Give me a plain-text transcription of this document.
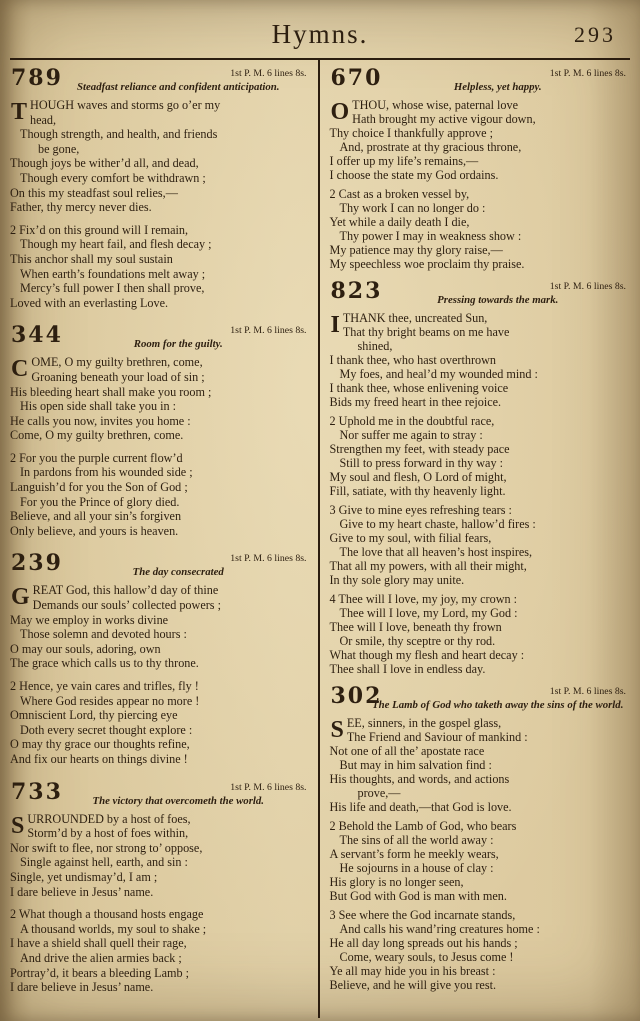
Hymns.	293
789	1st P. M. 6 lines 8s.
Steadfast reliance and confident anticipation.
T HOUGH waves and storms go o’er my
head,
Though strength, and health, and friends
be gone,
Though joys be wither’d all, and dead,
Though every comfort be withdrawn ;
On this my steadfast soul relies,—
Father, thy mercy never dies.
2 Fix’d on this ground will I remain,
Though my heart fail, and flesh decay ;
This anchor shall my soul sustain
When earth’s foundations melt away ;
Mercy’s full power I then shall prove,
Loved with an everlasting Love.
344	1st P. M. 6 lines 8s.
Room for the guilty.
C OME, O my guilty brethren, come,
Groaning beneath your load of sin ;
His bleeding heart shall make you room ;
His open side shall take you in :
He calls you now, invites you home :
Come, O my guilty brethren, come.
2 For you the purple current flow’d
In pardons from his wounded side ;
Languish’d for you the Son of God ;
For you the Prince of glory died.
Believe, and all your sin’s forgiven
Only believe, and yours is heaven.
239	1st P. M. 6 lines 8s.
The day consecrated
G REAT God, this hallow’d day of thine
Demands our souls’ collected powers ;
May we employ in works divine
Those solemn and devoted hours :
O may our souls, adoring, own
The grace which calls us to thy throne.
2 Hence, ye vain cares and trifles, fly !
Where God resides appear no more !
Omniscient Lord, thy piercing eye
Doth every secret thought explore :
O may thy grace our thoughts refine,
And fix our hearts on things divine !
733	1st P. M. 6 lines 8s.
The victory that overcometh the world.
S URROUNDED by a host of foes,
Storm’d by a host of foes within,
Nor swift to flee, nor strong to’ oppose,
Single against hell, earth, and sin :
Single, yet undismay’d, I am ;
I dare believe in Jesus’ name.
2 What though a thousand hosts engage
A thousand worlds, my soul to shake ;
I have a shield shall quell their rage,
And drive the alien armies back ;
Portray’d, it bears a bleeding Lamb ;
I dare believe in Jesus’ name.
670	1st P. M. 6 lines 8s.
Helpless, yet happy.
O THOU, whose wise, paternal love
Hath brought my active vigour down,
Thy choice I thankfully approve ;
And, prostrate at thy gracious throne,
I offer up my life’s remains,—
I choose the state my God ordains.
2 Cast as a broken vessel by,
Thy work I can no longer do :
Yet while a daily death I die,
Thy power I may in weakness show :
My patience may thy glory raise,—
My speechless woe proclaim thy praise.
823	1st P. M. 6 lines 8s.
Pressing towards the mark.
I THANK thee, uncreated Sun,
That thy bright beams on me have
shined,
I thank thee, who hast overthrown
My foes, and heal’d my wounded mind :
I thank thee, whose enlivening voice
Bids my freed heart in thee rejoice.
2 Uphold me in the doubtful race,
Nor suffer me again to stray :
Strengthen my feet, with steady pace
Still to press forward in thy way :
My soul and flesh, O Lord of might,
Fill, satiate, with thy heavenly light.
3 Give to mine eyes refreshing tears :
Give to my heart chaste, hallow’d fires :
Give to my soul, with filial fears,
The love that all heaven’s host inspires,
That all my powers, with all their might,
In thy sole glory may unite.
4 Thee will I love, my joy, my crown :
Thee will I love, my Lord, my God :
Thee will I love, beneath thy frown
Or smile, thy sceptre or thy rod.
What though my flesh and heart decay :
Thee shall I love in endless day.
302	1st P. M. 6 lines 8s.
The Lamb of God who taketh away the sins of the world.
S EE, sinners, in the gospel glass,
The Friend and Saviour of mankind :
Not one of all the’ apostate race
But may in him salvation find :
His thoughts, and words, and actions
prove,—
His life and death,—that God is love.
2 Behold the Lamb of God, who bears
The sins of all the world away :
A servant’s form he meekly wears,
He sojourns in a house of clay :
His glory is no longer seen,
But God with God is man with men.
3 See where the God incarnate stands,
And calls his wand’ring creatures home :
He all day long spreads out his hands ;
Come, weary souls, to Jesus come !
Ye all may hide you in his breast :
Believe, and he will give you rest.
